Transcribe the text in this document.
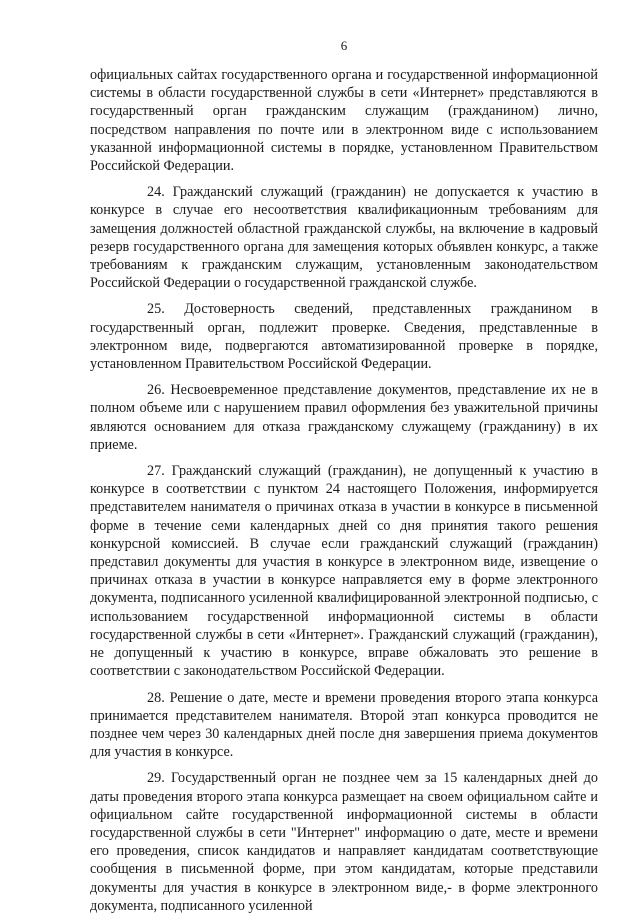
6

официальных сайтах государственного органа и государственной информационной системы в области государственной службы в сети «Интернет» представляются в государственный орган гражданским служащим (гражданином) лично, посредством направления по почте или в электронном виде с использованием указанной информационной системы в порядке, установленном Правительством Российской Федерации.

24. Гражданский служащий (гражданин) не допускается к участию в конкурсе в случае его несоответствия квалификационным требованиям для замещения должностей областной гражданской службы, на включение в кадровый резерв государственного органа для замещения которых объявлен конкурс, а также требованиям к гражданским служащим, установленным законодательством Российской Федерации о государственной гражданской службе.

25. Достоверность сведений, представленных гражданином в государственный орган, подлежит проверке. Сведения, представленные в электронном виде, подвергаются автоматизированной проверке в порядке, установленном Правительством Российской Федерации.

26. Несвоевременное представление документов, представление их не в полном объеме или с нарушением правил оформления без уважительной причины являются основанием для отказа гражданскому служащему (гражданину) в их приеме.

27. Гражданский служащий (гражданин), не допущенный к участию в конкурсе в соответствии с пунктом 24 настоящего Положения, информируется представителем нанимателя о причинах отказа в участии в конкурсе в письменной форме в течение семи календарных дней со дня принятия такого решения конкурсной комиссией. В случае если гражданский служащий (гражданин) представил документы для участия в конкурсе в электронном виде, извещение о причинах отказа в участии в конкурсе направляется ему в форме электронного документа, подписанного усиленной квалифицированной электронной подписью, с использованием государственной информационной системы в области государственной службы в сети «Интернет». Гражданский служащий (гражданин), не допущенный к участию в конкурсе, вправе обжаловать это решение в соответствии с законодательством Российской Федерации.

28. Решение о дате, месте и времени проведения второго этапа конкурса принимается представителем нанимателя. Второй этап конкурса проводится не позднее чем через 30 календарных дней после дня завершения приема документов для участия в конкурсе.

29. Государственный орган не позднее чем за 15 календарных дней до даты проведения второго этапа конкурса размещает на своем официальном сайте и официальном сайте государственной информационной системы в области государственной службы в сети "Интернет" информацию о дате, месте и времени его проведения, список кандидатов и направляет кандидатам соответствующие сообщения в письменной форме, при этом кандидатам, которые представили документы для участия в конкурсе в электронном виде,- в форме электронного документа, подписанного усиленной
